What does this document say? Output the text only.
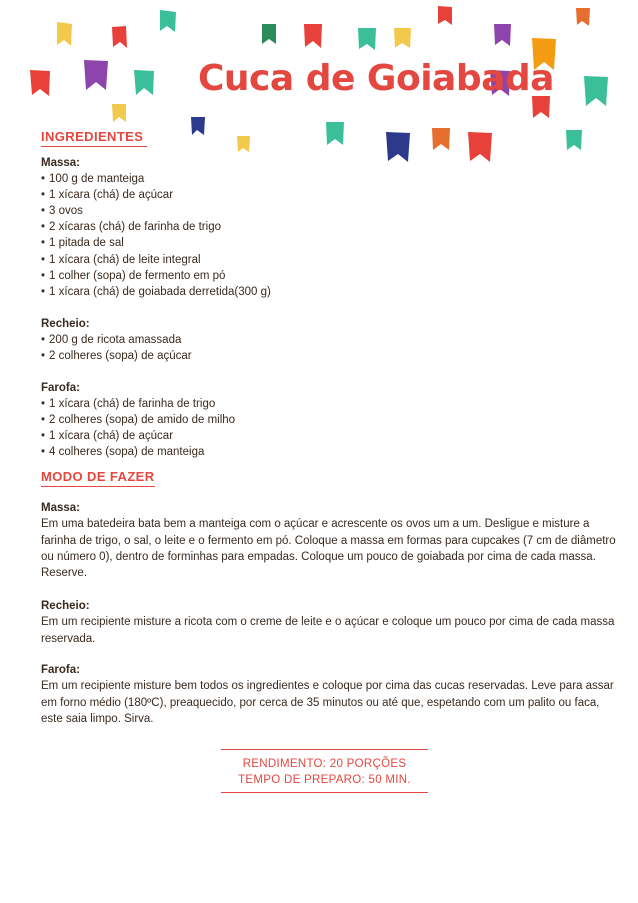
Cuca de Goiabada
INGREDIENTES
Massa:
• 100 g de manteiga
• 1 xícara (chá) de açúcar
• 3 ovos
• 2 xícaras (chá) de farinha de trigo
• 1 pitada de sal
• 1 xícara (chá) de leite integral
• 1 colher (sopa) de fermento em pó
• 1 xícara (chá) de goiabada derretida(300 g)
Recheio:
• 200 g de ricota amassada
• 2 colheres (sopa) de açúcar
Farofa:
• 1 xícara (chá) de farinha de trigo
• 2 colheres (sopa) de amido de milho
• 1 xícara (chá) de açúcar
• 4 colheres (sopa) de manteiga
MODO DE FAZER
Massa:

Em uma batedeira bata bem a manteiga com o açúcar e acrescente os ovos um a um. Desligue e misture a farinha de trigo, o sal, o leite e o fermento em pó. Coloque a massa em formas para cupcakes (7 cm de diâmetro ou número 0), dentro de forminhas para empadas. Coloque um pouco de goiabada por cima de cada massa. Reserve.

Recheio:

Em um recipiente misture a ricota com o creme de leite e o açúcar e coloque um pouco por cima de cada massa reservada.

Farofa:

Em um recipiente misture bem todos os ingredientes e coloque por cima das cucas reservadas. Leve para assar em forno médio (180ºC), preaquecido, por cerca de 35 minutos ou até que, espetando com um palito ou faca, este saia limpo. Sirva.

RENDIMENTO: 20 PORÇÕES
TEMPO DE PREPARO: 50 MIN.
